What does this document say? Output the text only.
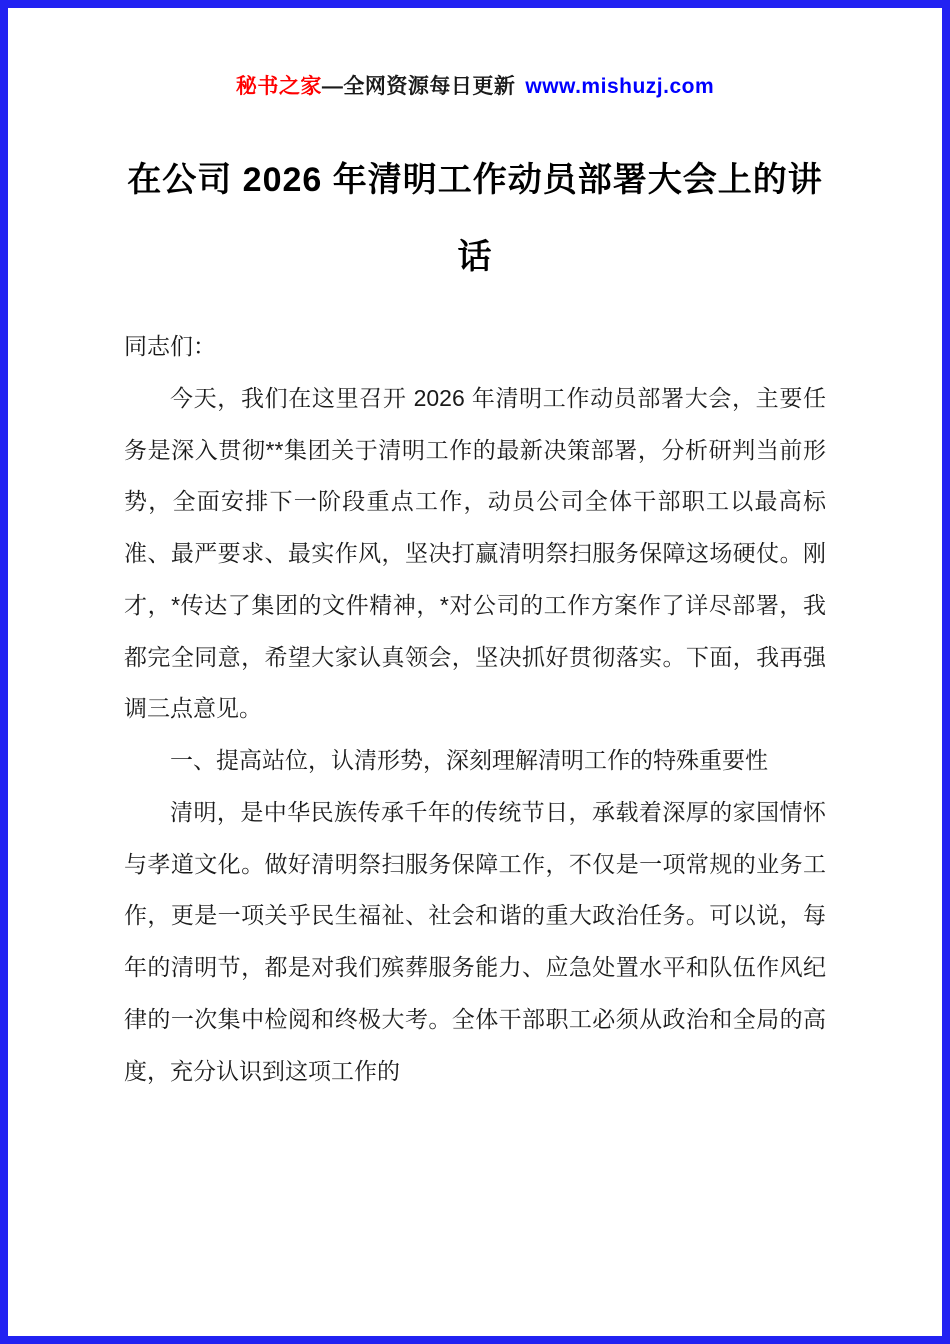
秘书之家—全网资源每日更新 www.mishuzj.com
在公司 2026 年清明工作动员部署大会上的讲话

同志们：

今天，我们在这里召开 2026 年清明工作动员部署大会，主要任务是深入贯彻**集团关于清明工作的最新决策部署，分析研判当前形势，全面安排下一阶段重点工作，动员公司全体干部职工以最高标准、最严要求、最实作风，坚决打赢清明祭扫服务保障这场硬仗。刚才，*传达了集团的文件精神，*对公司的工作方案作了详尽部署，我都完全同意，希望大家认真领会，坚决抓好贯彻落实。下面，我再强调三点意见。

一、提高站位，认清形势，深刻理解清明工作的特殊重要性

清明，是中华民族传承千年的传统节日，承载着深厚的家国情怀与孝道文化。做好清明祭扫服务保障工作，不仅是一项常规的业务工作，更是一项关乎民生福祉、社会和谐的重大政治任务。可以说，每年的清明节，都是对我们殡葬服务能力、应急处置水平和队伍作风纪律的一次集中检阅和终极大考。全体干部职工必须从政治和全局的高度，充分认识到这项工作的
